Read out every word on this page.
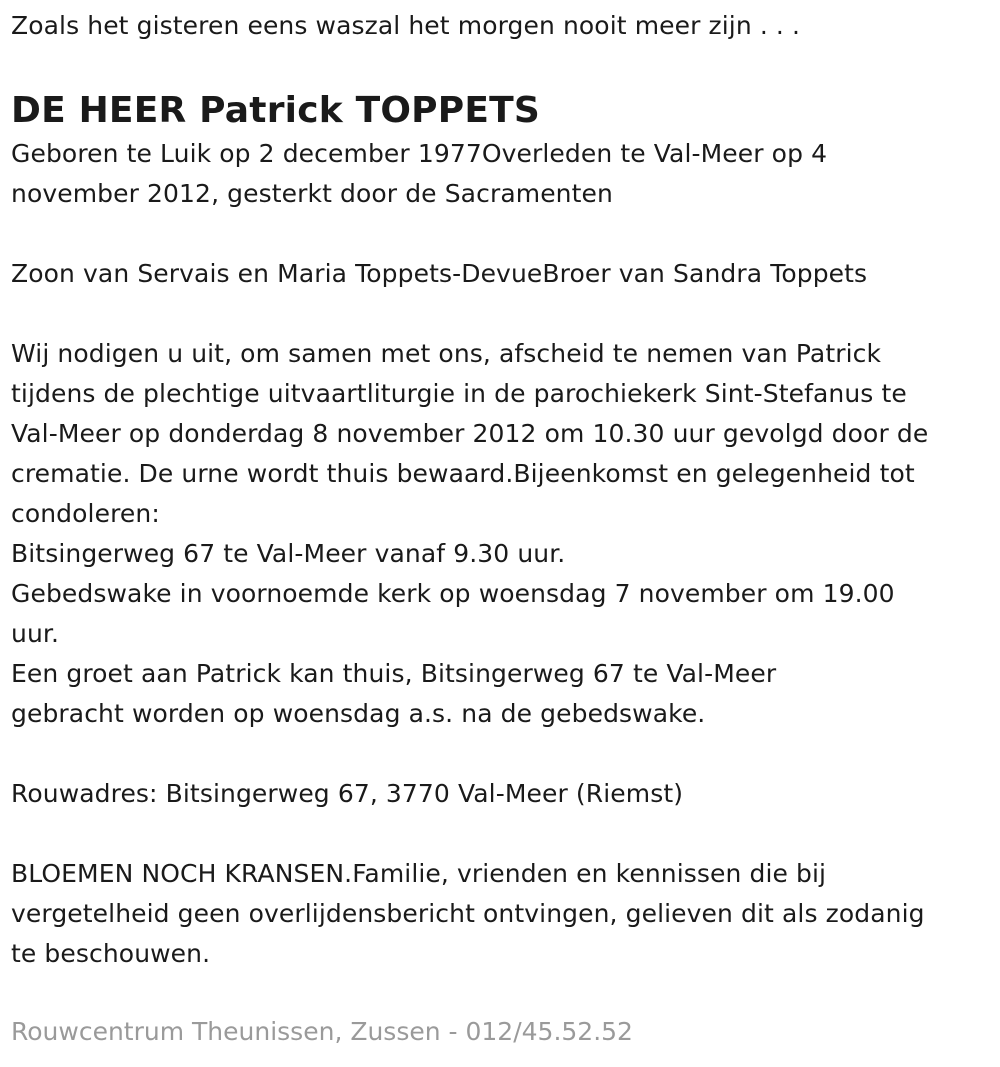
Zoals het gisteren eens waszal het morgen nooit meer zijn . . .
DE HEER Patrick TOPPETS
Geboren te Luik op 2 december 1977Overleden te Val-Meer op 4
november 2012, gesterkt door de Sacramenten
Zoon van Servais en Maria Toppets-DevueBroer van Sandra Toppets
Wij nodigen u uit, om samen met ons, afscheid te nemen van Patrick
tijdens de plechtige uitvaartliturgie in de parochiekerk Sint-Stefanus te
Val-Meer op donderdag 8 november 2012 om 10.30 uur gevolgd door de
crematie. De urne wordt thuis bewaard.Bijeenkomst en gelegenheid tot
condoleren:
Bitsingerweg 67 te Val-Meer vanaf 9.30 uur.
Gebedswake in voornoemde kerk op woensdag 7 november om 19.00
uur.
Een groet aan Patrick kan thuis, Bitsingerweg 67 te Val-Meer
gebracht worden op woensdag a.s. na de gebedswake.
Rouwadres: Bitsingerweg 67, 3770 Val-Meer (Riemst)
BLOEMEN NOCH KRANSEN.Familie, vrienden en kennissen die bij
vergetelheid geen overlijdensbericht ontvingen, gelieven dit als zodanig
te beschouwen.
Rouwcentrum Theunissen, Zussen - 012/45.52.52
